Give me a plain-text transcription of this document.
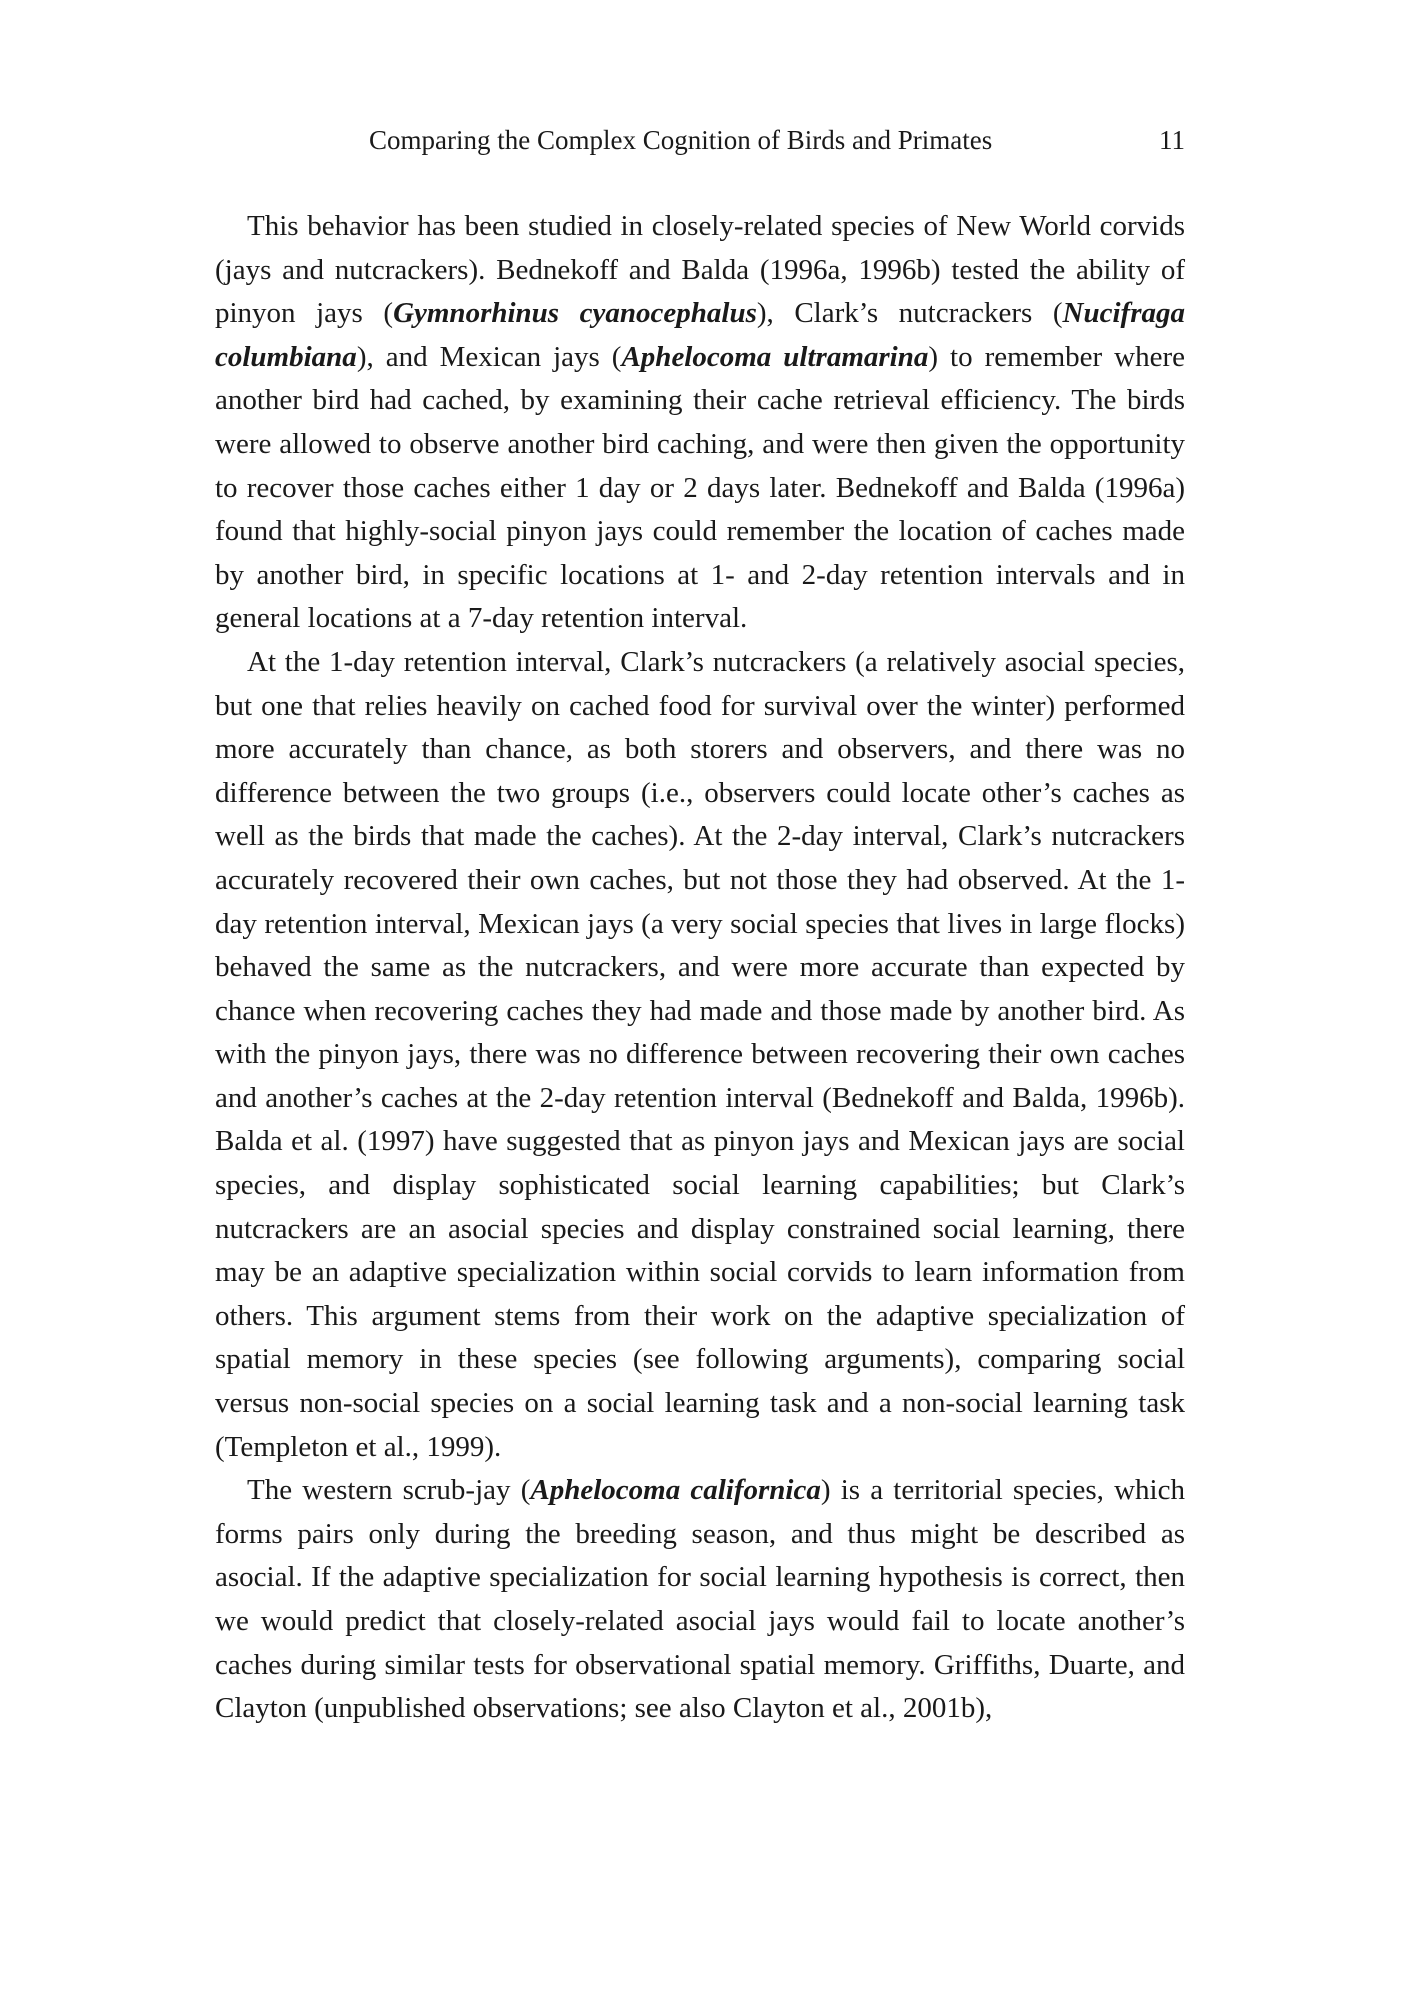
Comparing the Complex Cognition of Birds and Primates	11

This behavior has been studied in closely-related species of New World corvids (jays and nutcrackers). Bednekoff and Balda (1996a, 1996b) tested the ability of pinyon jays (Gymnorhinus cyanocephalus), Clark’s nutcrackers (Nucifraga columbiana), and Mexican jays (Aphelocoma ultramarina) to remember where another bird had cached, by examining their cache retrieval efficiency. The birds were allowed to observe another bird caching, and were then given the opportunity to recover those caches either 1 day or 2 days later. Bednekoff and Balda (1996a) found that highly-social pinyon jays could remember the location of caches made by another bird, in specific locations at 1- and 2-day retention intervals and in general locations at a 7-day retention interval.

At the 1-day retention interval, Clark’s nutcrackers (a relatively asocial species, but one that relies heavily on cached food for survival over the winter) performed more accurately than chance, as both storers and observers, and there was no difference between the two groups (i.e., observers could locate other’s caches as well as the birds that made the caches). At the 2-day interval, Clark’s nutcrackers accurately recovered their own caches, but not those they had observed. At the 1-day retention interval, Mexican jays (a very social species that lives in large flocks) behaved the same as the nutcrackers, and were more accurate than expected by chance when recovering caches they had made and those made by another bird. As with the pinyon jays, there was no difference between recovering their own caches and another’s caches at the 2-day retention interval (Bednekoff and Balda, 1996b). Balda et al. (1997) have suggested that as pinyon jays and Mexican jays are social species, and display sophisticated social learning capabilities; but Clark’s nutcrackers are an asocial species and display constrained social learning, there may be an adaptive specialization within social corvids to learn information from others. This argument stems from their work on the adaptive specialization of spatial memory in these species (see following arguments), comparing social versus non-social species on a social learning task and a non-social learning task (Templeton et al., 1999).

The western scrub-jay (Aphelocoma californica) is a territorial species, which forms pairs only during the breeding season, and thus might be described as asocial. If the adaptive specialization for social learning hypothesis is correct, then we would predict that closely-related asocial jays would fail to locate another’s caches during similar tests for observational spatial memory. Griffiths, Duarte, and Clayton (unpublished observations; see also Clayton et al., 2001b),
